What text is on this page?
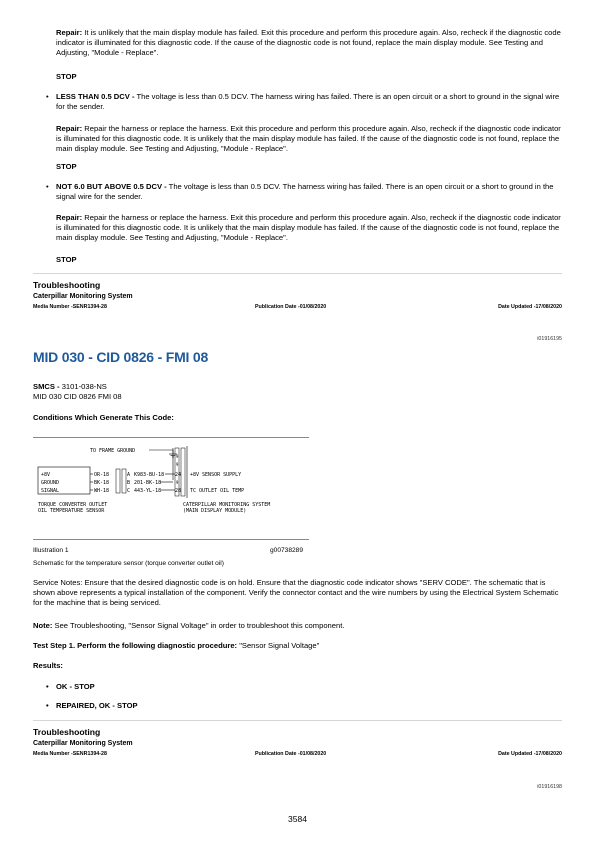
Repair: It is unlikely that the main display module has failed. Exit this procedure and perform this procedure again. Also, recheck if the diagnostic code indicator is illuminated for this diagnostic code. If the cause of the diagnostic code is not found, replace the main display module. See Testing and Adjusting, "Module - Replace".
STOP
• LESS THAN 0.5 DCV - The voltage is less than 0.5 DCV. The harness wiring has failed. There is an open circuit or a short to ground in the signal wire for the sender.
Repair: Repair the harness or replace the harness. Exit this procedure and perform this procedure again. Also, recheck if the diagnostic code indicator is illuminated for this diagnostic code. It is unlikely that the main display module has failed. If the cause of the diagnostic code is not found, replace the main display module. See Testing and Adjusting, "Module - Replace".
STOP
• NOT 6.0 BUT ABOVE 0.5 DCV - The voltage is less than 0.5 DCV. The harness wiring has failed. There is an open circuit or a short to ground in the signal wire for the sender.
Repair: Repair the harness or replace the harness. Exit this procedure and perform this procedure again. Also, recheck if the diagnostic code indicator is illuminated for this diagnostic code. It is unlikely that the main display module has failed. If the cause of the diagnostic code is not found, replace the main display module. See Testing and Adjusting, "Module - Replace".
STOP
Troubleshooting
Caterpillar Monitoring System
Media Number -SENR1394-28	Publication Date -01/08/2020	Date Updated -17/08/2020
i01916195
MID 030 - CID 0826 - FMI 08
SMCS - 3101-038-NS
MID 030 CID 0826 FMI 08
Conditions Which Generate This Code:
TO FRAME GROUND
+8V
GROUND
SIGNAL
OR-18
BK-18
WH-18
A
B
C
K983-BU-18
201-BK-18
443-YL-18
9
9
9
24
28
+8V SENSOR SUPPLY
TC OUTLET OIL TEMP
TORQUE CONVERTER OUTLET
OIL TEMPERATURE SENSOR
CATERPILLAR MONITORING SYSTEM
(MAIN DISPLAY MODULE)
Illustration 1	g00738289
Schematic for the temperature sensor (torque converter outlet oil)
Service Notes: Ensure that the desired diagnostic code is on hold. Ensure that the diagnostic code indicator shows "SERV CODE". The schematic that is shown above represents a typical installation of the component. Verify the connector contact and the wire numbers by using the Electrical System Schematic for the machine that is being serviced.
Note: See Troubleshooting, "Sensor Signal Voltage" in order to troubleshoot this component.
Test Step 1. Perform the following diagnostic procedure: "Sensor Signal Voltage"
Results:
• OK - STOP
• REPAIRED, OK - STOP
Troubleshooting
Caterpillar Monitoring System
Media Number -SENR1394-28	Publication Date -01/08/2020	Date Updated -17/08/2020
i01916198
3584
